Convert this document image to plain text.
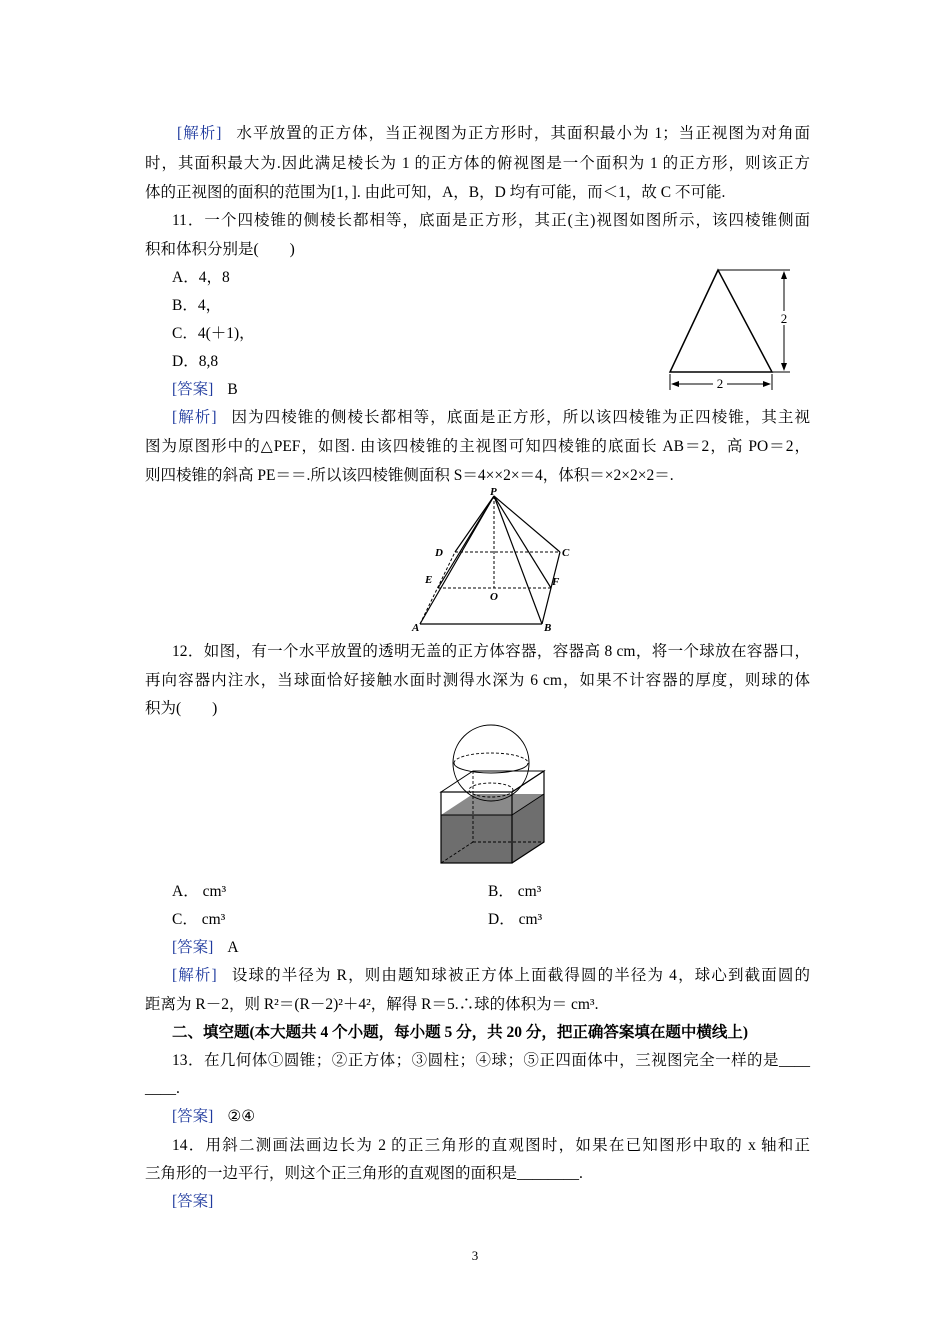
[解析] 水平放置的正方体，当正视图为正方形时，其面积最小为 1；当正视图为对角面
时，其面积最大为.因此满足棱长为 1 的正方体的俯视图是一个面积为 1 的正方形，则该正方
体的正视图的面积的范围为[1，]. 由此可知，A，B，D 均有可能，而＜1，故 C 不可能.
11．一个四棱锥的侧棱长都相等，底面是正方形，其正(主)视图如图所示，该四棱锥侧面
积和体积分别是(　　)
A．4，8
B．4，
C．4(＋1)，
D．8,8
[答案] B
2
2
[解析] 因为四棱锥的侧棱长都相等，底面是正方形，所以该四棱锥为正四棱锥，其主视
图为原图形中的△PEF，如图. 由该四棱锥的主视图可知四棱锥的底面长 AB＝2，高 PO＝2，
则四棱锥的斜高 PE＝＝.所以该四棱锥侧面积 S＝4××2×＝4，体积＝×2×2×2＝.
P
D	C
E	F
O
A	B
12．如图，有一个水平放置的透明无盖的正方体容器，容器高 8 cm，将一个球放在容器口，
再向容器内注水，当球面恰好接触水面时测得水深为 6 cm，如果不计容器的厚度，则球的体
积为(　　)
A． cm³	B． cm³
C． cm³	D． cm³
[答案] A
[解析] 设球的半径为 R，则由题知球被正方体上面截得圆的半径为 4，球心到截面圆的
距离为 R－2，则 R²＝(R－2)²＋4²，解得 R＝5.∴球的体积为＝ cm³.
二、填空题(本大题共 4 个小题，每小题 5 分，共 20 分，把正确答案填在题中横线上)
13．在几何体①圆锥；②正方体；③圆柱；④球；⑤正四面体中，三视图完全一样的是____
____.
[答案] ②④
14．用斜二测画法画边长为 2 的正三角形的直观图时，如果在已知图形中取的 x 轴和正
三角形的一边平行，则这个正三角形的直观图的面积是________.
[答案]
3
